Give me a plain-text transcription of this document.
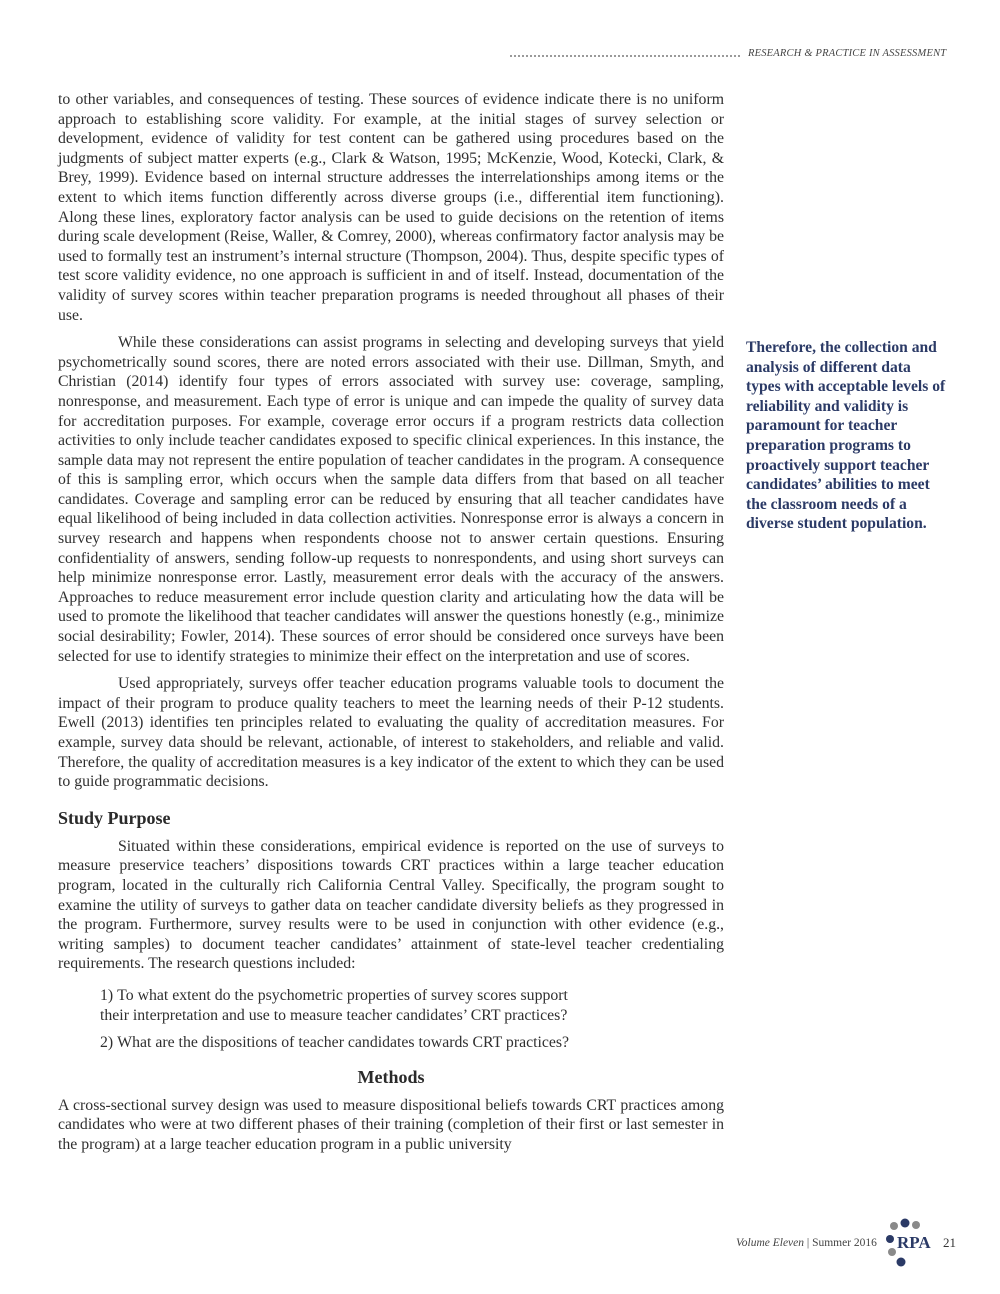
RESEARCH & PRACTICE IN ASSESSMENT

to other variables, and consequences of testing. These sources of evidence indicate there is no uniform approach to establishing score validity. For example, at the initial stages of survey selection or development, evidence of validity for test content can be gathered using procedures based on the judgments of subject matter experts (e.g., Clark & Watson, 1995; McKenzie, Wood, Kotecki, Clark, & Brey, 1999). Evidence based on internal structure addresses the interrelationships among items or the extent to which items function differently across diverse groups (i.e., differential item functioning). Along these lines, exploratory factor analysis can be used to guide decisions on the retention of items during scale development (Reise, Waller, & Comrey, 2000), whereas confirmatory factor analysis may be used to formally test an instrument’s internal structure (Thompson, 2004). Thus, despite specific types of test score validity evidence, no one approach is sufficient in and of itself. Instead, documentation of the validity of survey scores within teacher preparation programs is needed throughout all phases of their use.

While these considerations can assist programs in selecting and developing surveys that yield psychometrically sound scores, there are noted errors associated with their use. Dillman, Smyth, and Christian (2014) identify four types of errors associated with survey use: coverage, sampling, nonresponse, and measurement. Each type of error is unique and can impede the quality of survey data for accreditation purposes. For example, coverage error occurs if a program restricts data collection activities to only include teacher candidates exposed to specific clinical experiences. In this instance, the sample data may not represent the entire population of teacher candidates in the program. A consequence of this is sampling error, which occurs when the sample data differs from that based on all teacher candidates. Coverage and sampling error can be reduced by ensuring that all teacher candidates have equal likelihood of being included in data collection activities. Nonresponse error is always a concern in survey research and happens when respondents choose not to answer certain questions. Ensuring confidentiality of answers, sending follow-up requests to nonrespondents, and using short surveys can help minimize nonresponse error. Lastly, measurement error deals with the accuracy of the answers. Approaches to reduce measurement error include question clarity and articulating how the data will be used to promote the likelihood that teacher candidates will answer the questions honestly (e.g., minimize social desirability; Fowler, 2014). These sources of error should be considered once surveys have been selected for use to identify strategies to minimize their effect on the interpretation and use of scores.

Used appropriately, surveys offer teacher education programs valuable tools to document the impact of their program to produce quality teachers to meet the learning needs of their P-12 students. Ewell (2013) identifies ten principles related to evaluating the quality of accreditation measures. For example, survey data should be relevant, actionable, of interest to stakeholders, and reliable and valid. Therefore, the quality of accreditation measures is a key indicator of the extent to which they can be used to guide programmatic decisions.

Study Purpose

Situated within these considerations, empirical evidence is reported on the use of surveys to measure preservice teachers’ dispositions towards CRT practices within a large teacher education program, located in the culturally rich California Central Valley. Specifically, the program sought to examine the utility of surveys to gather data on teacher candidate diversity beliefs as they progressed in the program. Furthermore, survey results were to be used in conjunction with other evidence (e.g., writing samples) to document teacher candidates’ attainment of state-level teacher credentialing requirements. The research questions included:

1) To what extent do the psychometric properties of survey scores support
their interpretation and use to measure teacher candidates’ CRT practices?
2) What are the dispositions of teacher candidates towards CRT practices?
Methods

A cross-sectional survey design was used to measure dispositional beliefs towards CRT practices among candidates who were at two different phases of their training (completion of their first or last semester in the program) at a large teacher education program in a public university

Therefore, the collection and analysis of different data types with acceptable levels of reliability and validity is paramount for teacher preparation programs to proactively support teacher candidates’ abilities to meet the classroom needs of a diverse student population.
Volume Eleven | Summer 2016 RPA 21
